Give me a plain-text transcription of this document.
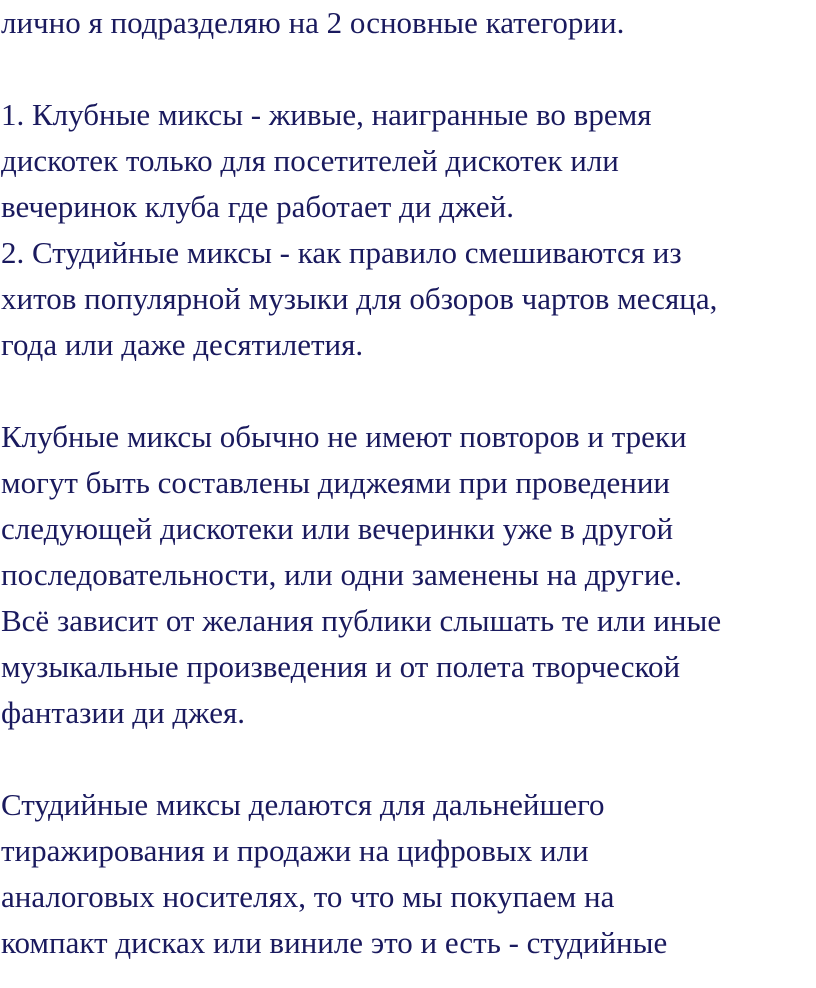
лично я подразделяю на 2 основные категории.
1. Клубные миксы - живые, наигранные во время
дискотек только для посетителей дискотек или
вечеринок клуба где работает ди джей.
2. Студийные миксы - как правило смешиваются из
хитов популярной музыки для обзоров чартов месяца,
года или даже десятилетия.
Клубные миксы обычно не имеют повторов и треки
могут быть составлены диджеями при проведении
следующей дискотеки или вечеринки уже в другой
последовательности, или одни заменены на другие.
Всё зависит от желания публики слышать те или иные
музыкальные произведения и от полета творческой
фантазии ди джея.
Студийные миксы делаются для дальнейшего
тиражирования и продажи на цифровых или
аналоговых носителях, то что мы покупаем на
компакт дисках или виниле это и есть - студийные
